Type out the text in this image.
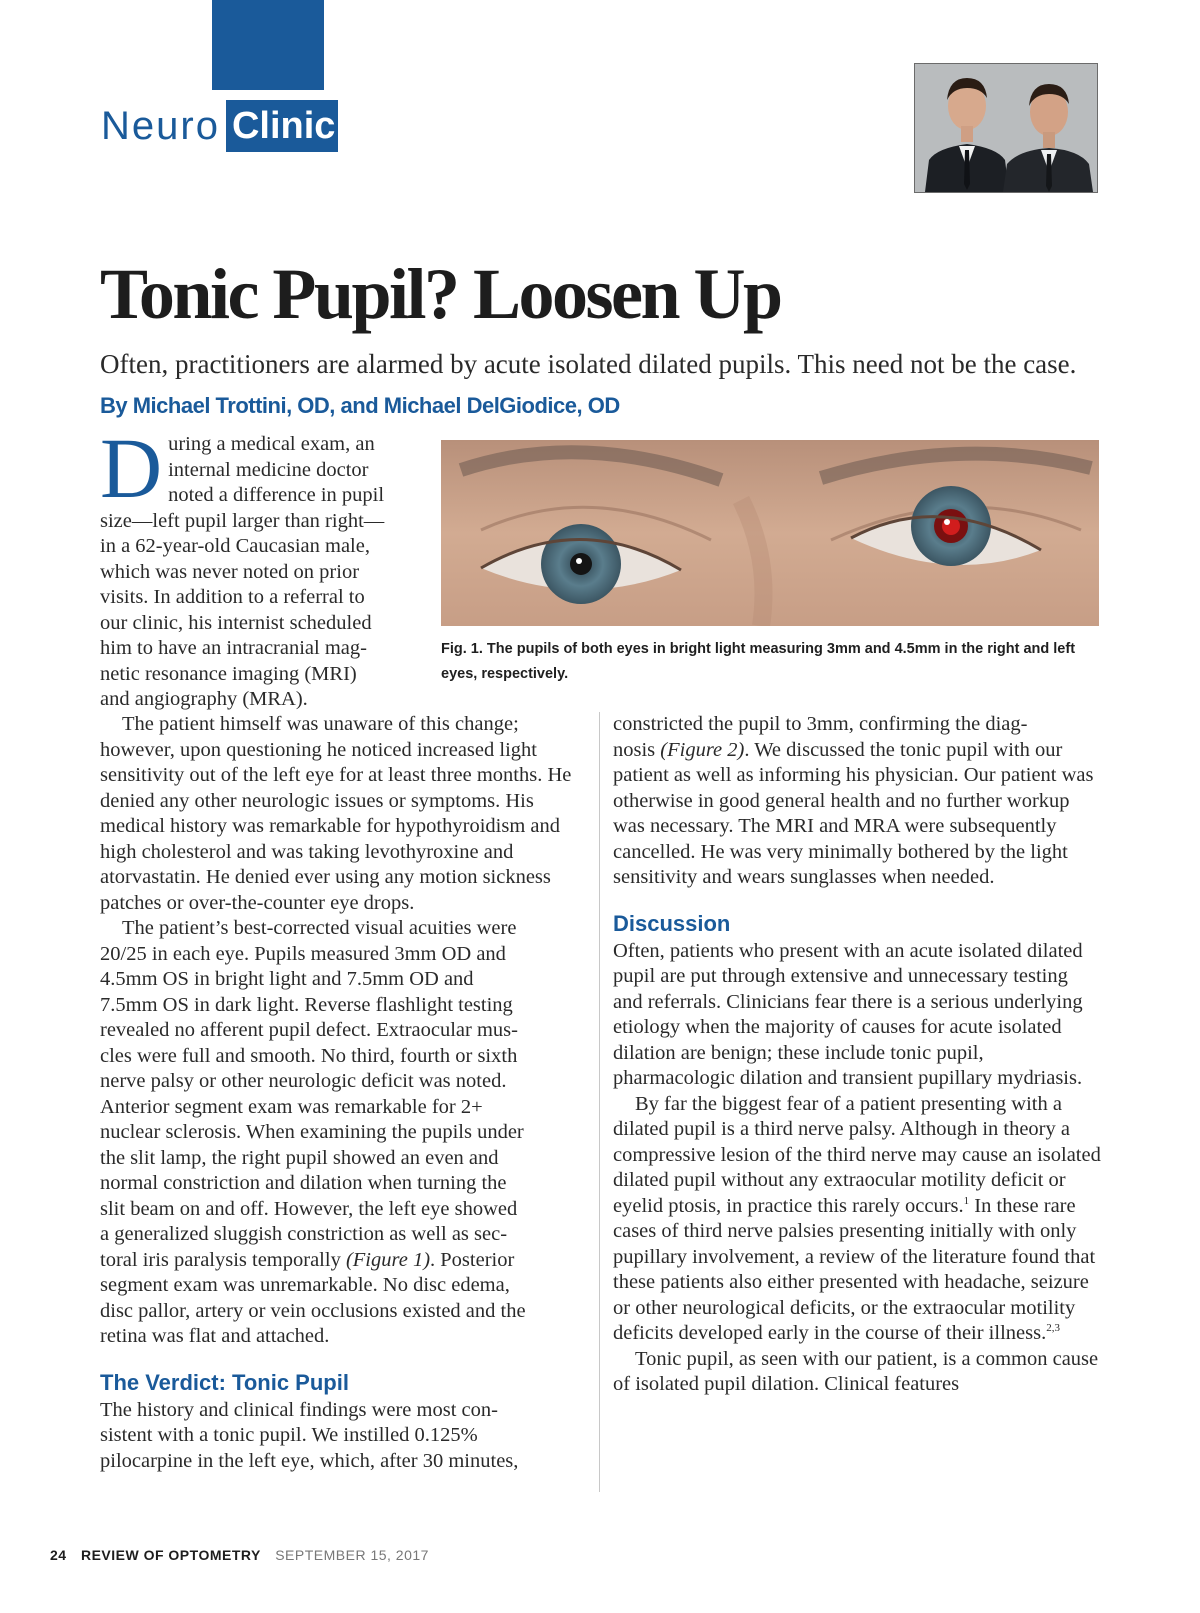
Neuro Clinic
Tonic Pupil? Loosen Up
Often, practitioners are alarmed by acute isolated dilated pupils. This need not be the case. By Michael Trottini, OD, and Michael DelGiodice, OD
D uring a medical exam, an
internal medicine doctor
noted a difference in pupil
size—left pupil larger than right—
in a 62-year-old Caucasian male,
which was never noted on prior
visits. In addition to a referral to
our clinic, his internist scheduled
him to have an intracranial mag-
netic resonance imaging (MRI)
and angiography (MRA).
Fig. 1. The pupils of both eyes in bright light measuring 3mm and 4.5mm in the right and left eyes, respectively.

The patient himself was unaware of this change; however, upon questioning he noticed increased light sensitivity out of the left eye for at least three months. He denied any other neurologic issues or symptoms. His medical history was remarkable for hypothyroidism and high cholesterol and was taking levothyroxine and atorvastatin. He denied ever using any motion sickness patches or over-the-counter eye drops.

The patient’s best-corrected visual acuities were
20/25 in each eye. Pupils measured 3mm OD and
4.5mm OS in bright light and 7.5mm OD and
7.5mm OS in dark light. Reverse flashlight testing
revealed no afferent pupil defect. Extraocular mus-
cles were full and smooth. No third, fourth or sixth
nerve palsy or other neurologic deficit was noted.
Anterior segment exam was remarkable for 2+
nuclear sclerosis. When examining the pupils under
the slit lamp, the right pupil showed an even and
normal constriction and dilation when turning the
slit beam on and off. However, the left eye showed
a generalized sluggish constriction as well as sec-
toral iris paralysis temporally (Figure 1). Posterior
segment exam was unremarkable. No disc edema,
disc pallor, artery or vein occlusions existed and the
retina was flat and attached.

The Verdict: Tonic Pupil
The history and clinical findings were most con-
sistent with a tonic pupil. We instilled 0.125%
pilocarpine in the left eye, which, after 30 minutes,

constricted the pupil to 3mm, confirming the diag-
nosis (Figure 2). We discussed the tonic pupil with our patient as well as informing his physician. Our patient was otherwise in good general health and no further workup was necessary. The MRI and MRA were subsequently cancelled. He was very minimally bothered by the light sensitivity and wears sunglasses when needed.

Discussion

Often, patients who present with an acute isolated dilated pupil are put through extensive and unnecessary testing and referrals. Clinicians fear there is a serious underlying etiology when the majority of causes for acute isolated dilation are benign; these include tonic pupil, pharmacologic dilation and transient pupillary mydriasis.

By far the biggest fear of a patient presenting with a dilated pupil is a third nerve palsy. Although in theory a compressive lesion of the third nerve may cause an isolated dilated pupil without any extraocular motility deficit or eyelid ptosis, in practice this rarely occurs.$^1$ In these rare cases of third nerve palsies presenting initially with only pupillary involvement, a review of the literature found that these patients also either presented with headache, seizure or other neurological deficits, or the extraocular motility deficits developed early in the course of their illness.$^{2,3}$

Tonic pupil, as seen with our patient, is a common cause of isolated pupil dilation. Clinical features

24 REVIEW OF OPTOMETRY SEPTEMBER 15, 2017
